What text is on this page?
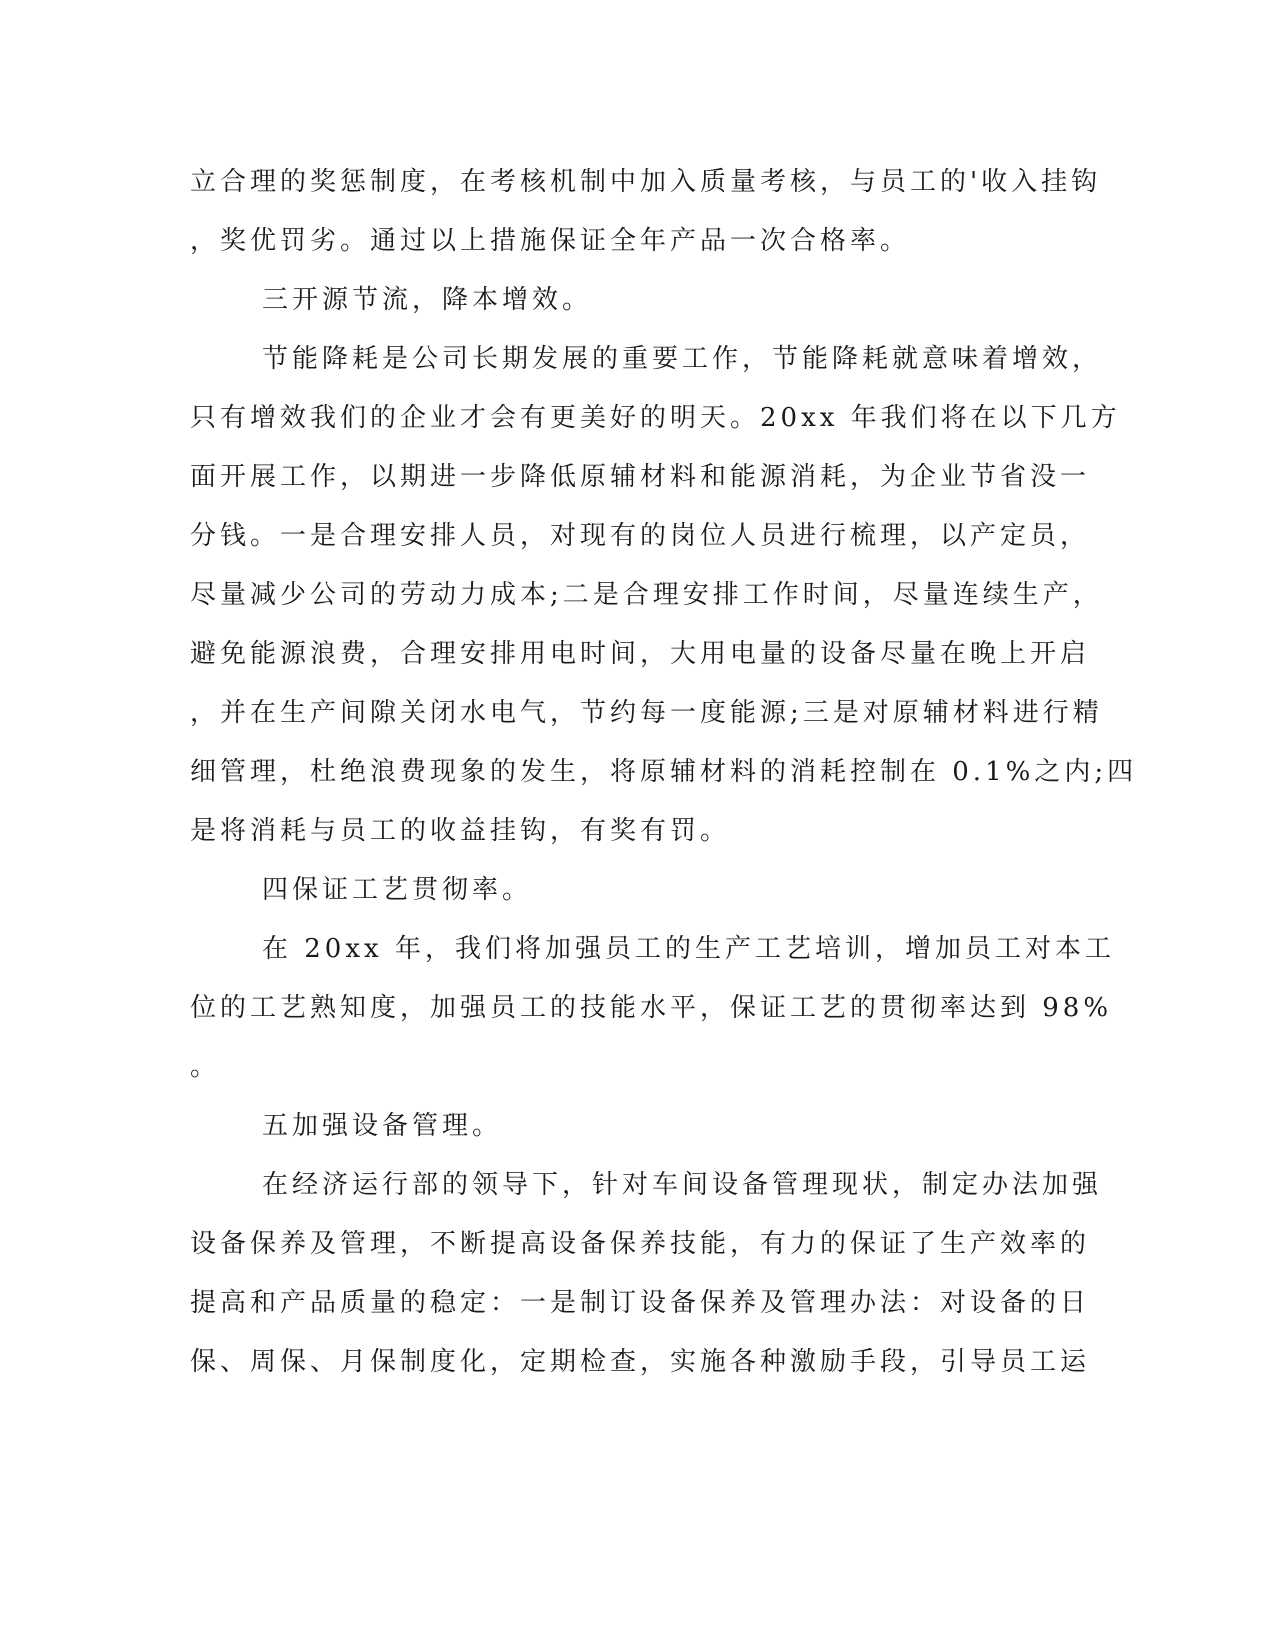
立合理的奖惩制度，在考核机制中加入质量考核，与员工的'收入挂钩
，奖优罚劣。通过以上措施保证全年产品一次合格率。
三开源节流，降本增效。
节能降耗是公司长期发展的重要工作，节能降耗就意味着增效，
只有增效我们的企业才会有更美好的明天。20xx 年我们将在以下几方
面开展工作，以期进一步降低原辅材料和能源消耗，为企业节省没一
分钱。一是合理安排人员，对现有的岗位人员进行梳理，以产定员，
尽量减少公司的劳动力成本;二是合理安排工作时间，尽量连续生产，
避免能源浪费，合理安排用电时间，大用电量的设备尽量在晚上开启
，并在生产间隙关闭水电气，节约每一度能源;三是对原辅材料进行精
细管理，杜绝浪费现象的发生，将原辅材料的消耗控制在 0.1%之内;四
是将消耗与员工的收益挂钩，有奖有罚。
四保证工艺贯彻率。
在 20xx 年，我们将加强员工的生产工艺培训，增加员工对本工
位的工艺熟知度，加强员工的技能水平，保证工艺的贯彻率达到 98%
。
五加强设备管理。
在经济运行部的领导下，针对车间设备管理现状，制定办法加强
设备保养及管理，不断提高设备保养技能，有力的保证了生产效率的
提高和产品质量的稳定：一是制订设备保养及管理办法：对设备的日
保、周保、月保制度化，定期检查，实施各种激励手段，引导员工运
